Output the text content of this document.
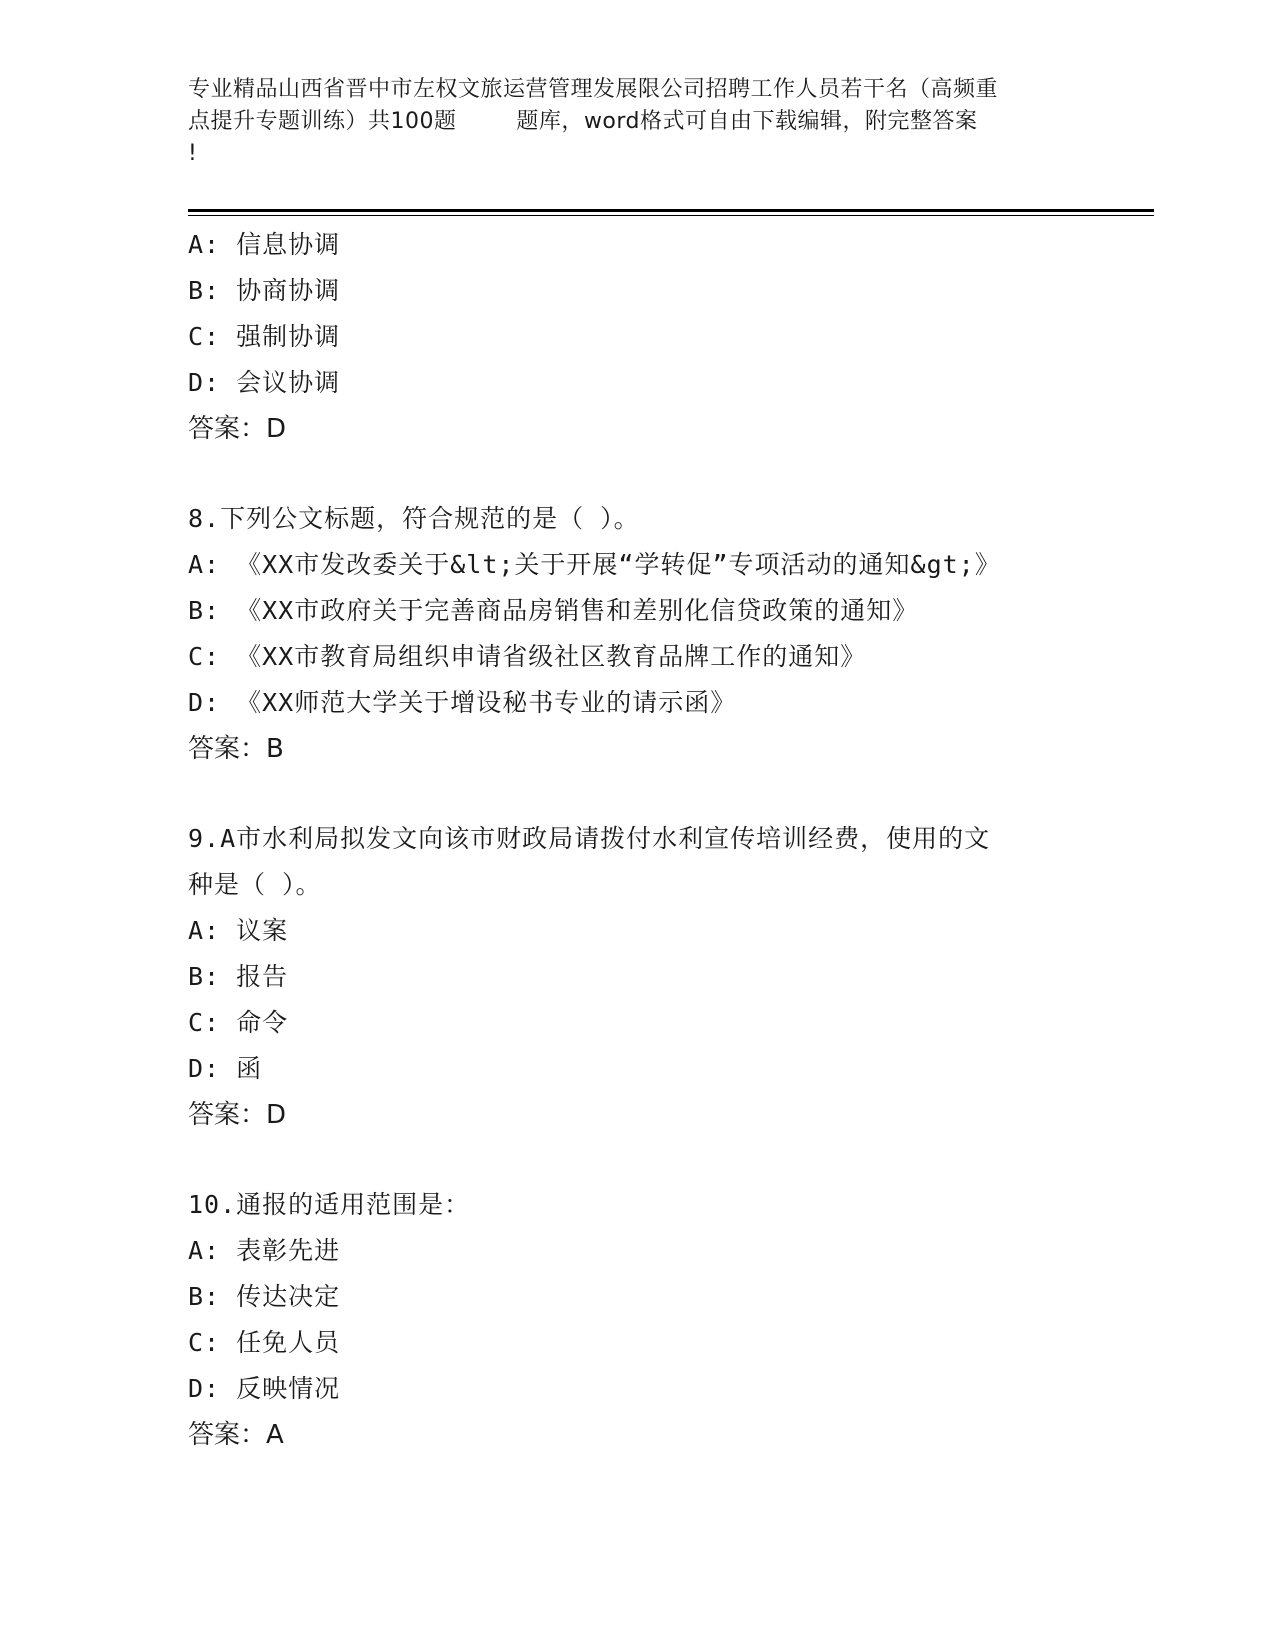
专业精品山西省晋中市左权文旅运营管理发展限公司招聘工作人员若干名（高频重
点提升专题训练）共100题        题库，word格式可自由下载编辑，附完整答案
!
A: 信息协调
B: 协商协调
C: 强制协调
D: 会议协调
答案：D
8.下列公文标题，符合规范的是（ ）。
A: 《XX市发改委关于&lt;关于开展“学转促”专项活动的通知&gt;》
B: 《XX市政府关于完善商品房销售和差别化信贷政策的通知》
C: 《XX市教育局组织申请省级社区教育品牌工作的通知》
D: 《XX师范大学关于增设秘书专业的请示函》
答案：B
9.A市水利局拟发文向该市财政局请拨付水利宣传培训经费，使用的文
种是（ ）。
A: 议案
B: 报告
C: 命令
D: 函
答案：D
10.通报的适用范围是：
A: 表彰先进
B: 传达决定
C: 任免人员
D: 反映情况
答案：A
